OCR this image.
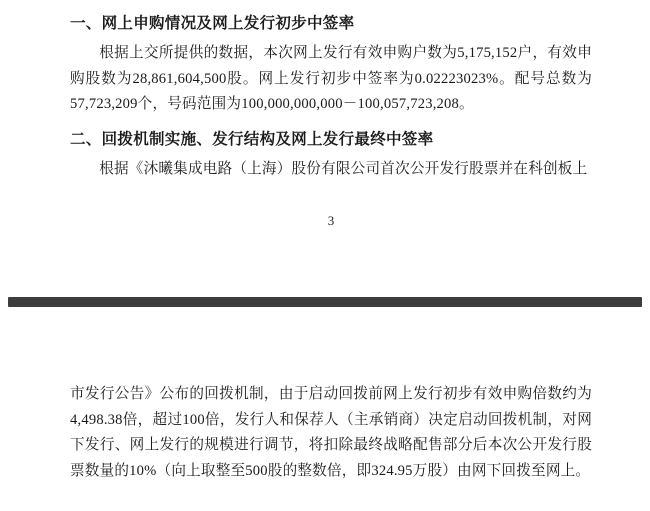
一、网上申购情况及网上发行初步中签率

根据上交所提供的数据，本次网上发行有效申购户数为5,175,152户，有效申购股数为28,861,604,500股。网上发行初步中签率为0.02223023%。配号总数为57,723,209个，号码范围为100,000,000,000－100,057,723,208。

二、回拨机制实施、发行结构及网上发行最终中签率

根据《沐曦集成电路（上海）股份有限公司首次公开发行股票并在科创板上

3

市发行公告》公布的回拨机制，由于启动回拨前网上发行初步有效申购倍数约为4,498.38倍，超过100倍，发行人和保荐人（主承销商）决定启动回拨机制，对网下发行、网上发行的规模进行调节，将扣除最终战略配售部分后本次公开发行股票数量的10%（向上取整至500股的整数倍，即324.95万股）由网下回拨至网上。
